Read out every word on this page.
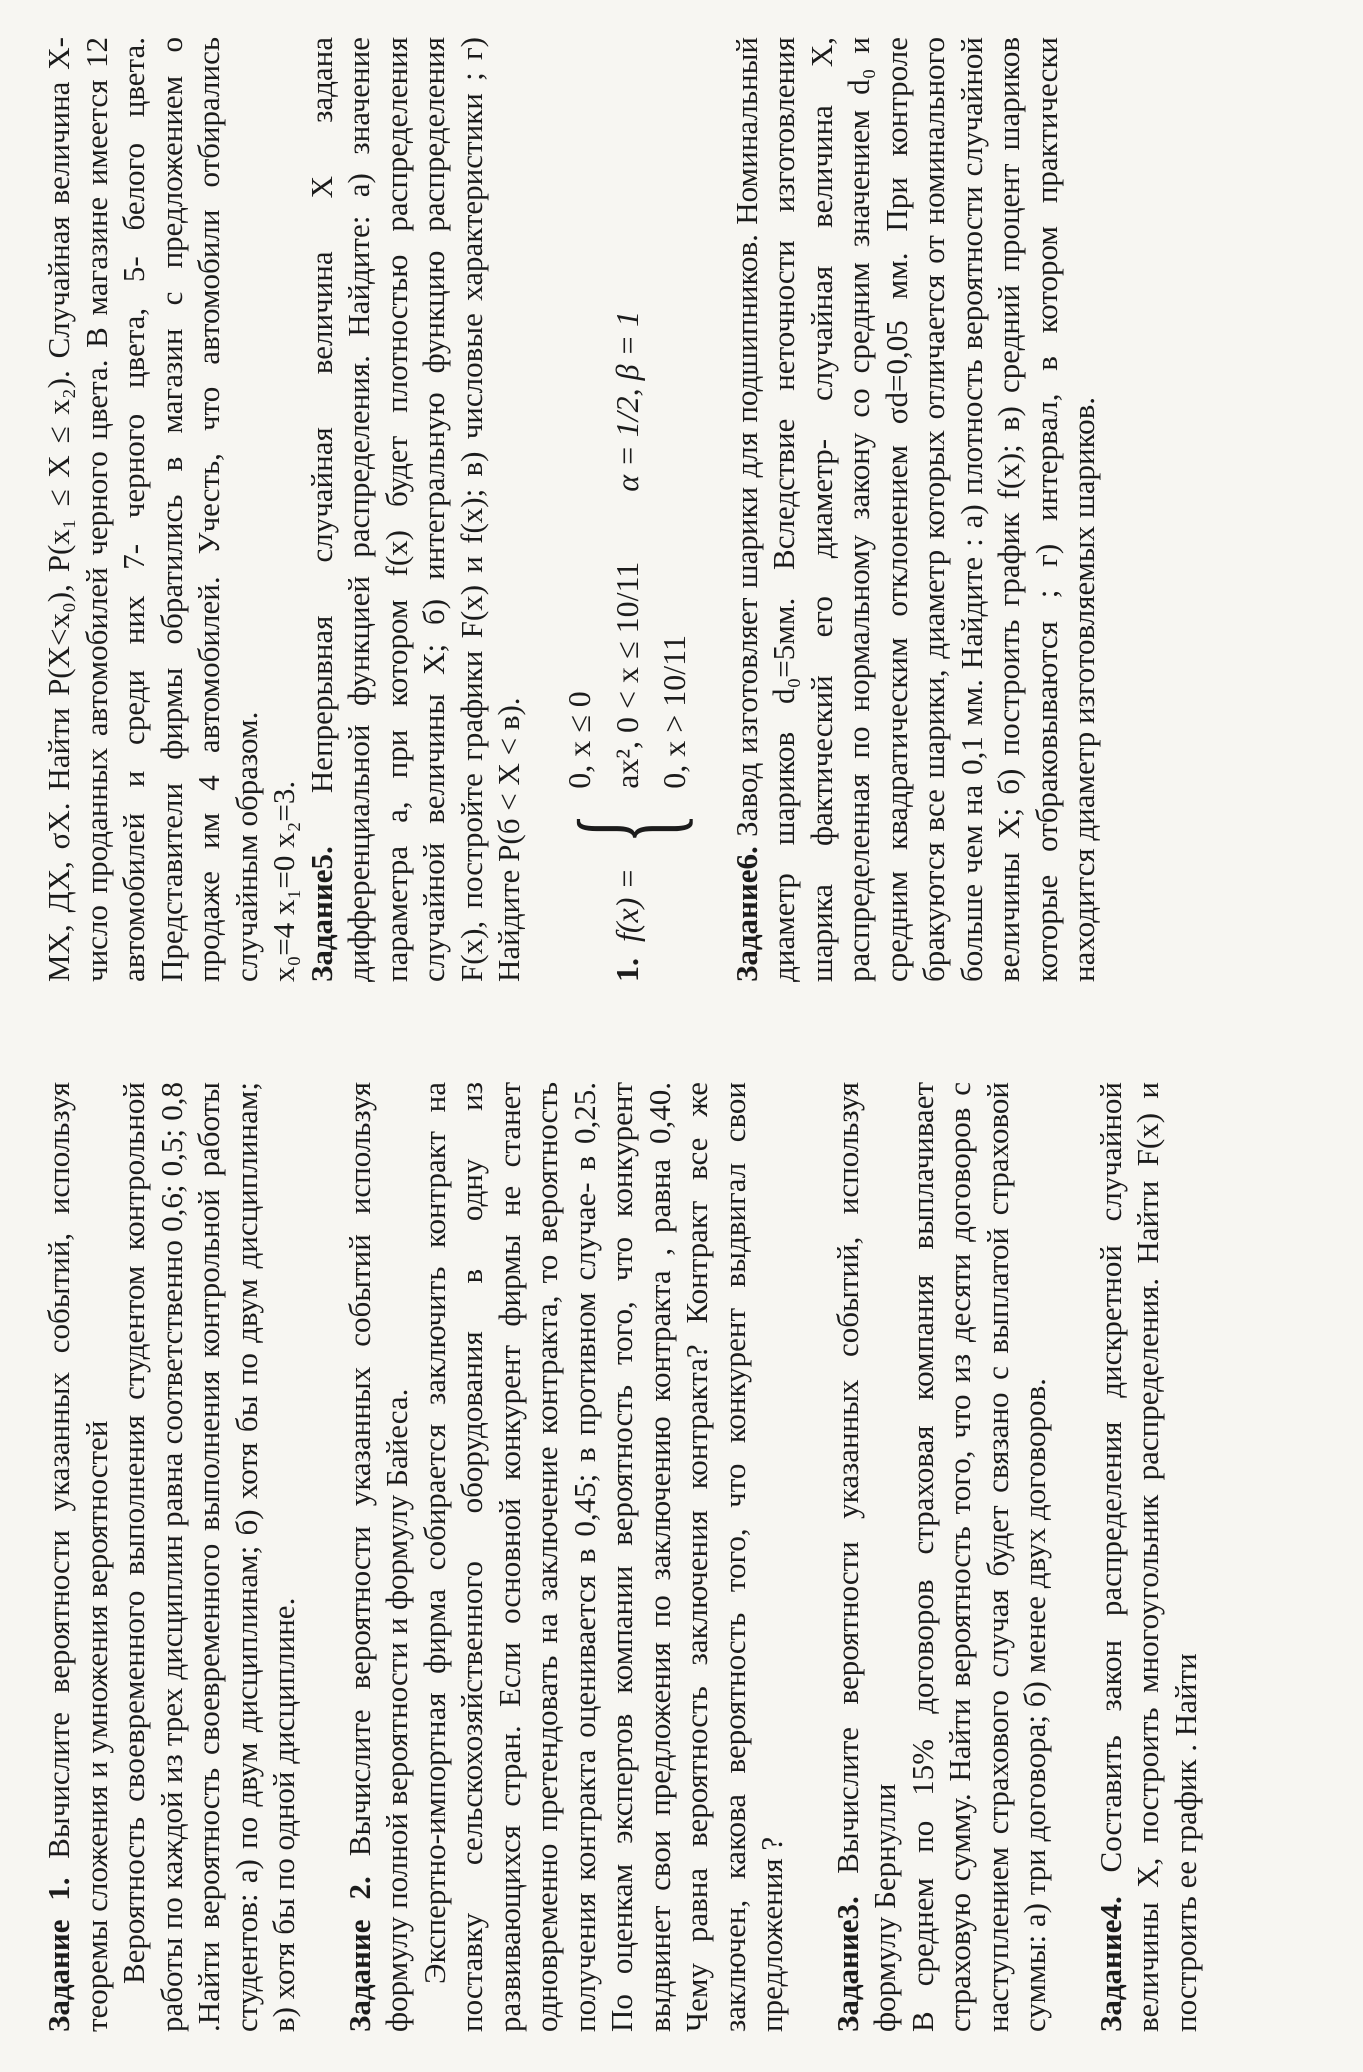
Задание 1. Вычислите вероятности указанных событий, используя теоремы сложения и умножения вероятностей Вероятность своевременного выполнения студентом контрольной работы по каждой из трех дисциплин равна соответственно 0,6; 0,5; 0,8 .Найти вероятность своевременного выполнения контрольной работы студентов: а) по двум дисциплинам; б) хотя бы по двум дисциплинам; в) хотя бы по одной дисциплине. Задание 2. Вычислите вероятности указанных событий используя формулу полной вероятности и формулу Байеса. Экспертно-импортная фирма собирается заключить контракт на поставку сельскохозяйственного оборудования в одну из развивающихся стран. Если основной конкурент фирмы не станет одновременно претендовать на заключение контракта, то вероятность получения контракта оценивается в 0,45; в противном случае- в 0,25. По оценкам экспертов компании вероятность того, что конкурент выдвинет свои предложения по заключению контракта , равна 0,40. Чему равна вероятность заключения контракта? Контракт все же заключен, какова вероятность того, что конкурент выдвигал свои предложения ? Задание3. Вычислите вероятности указанных событий, используя формулу Бернулли В среднем по 15% договоров страховая компания выплачивает страховую сумму. Найти вероятность того, что из десяти договоров с наступлением страхового случая будет связано с выплатой страховой суммы: а) три договора; б) менее двух договоров. Задание4. Составить закон распределения дискретной случайной величины X, построить многоугольник распределения. Найти F(x) и построить ее график . Найти

MX, ДX, σX. Найти P(X<x₀), P(x₁ ≤ X ≤ x₂). Случайная величина X- число проданных автомобилей черного цвета. В магазине имеется 12 автомобилей и среди них 7- черного цвета, 5- белого цвета. Представители фирмы обратились в магазин с предложением о продаже им 4 автомобилей. Учесть, что автомобили отбирались случайным образом. x₀=4 x₁=0 x₂=3. Задание5. Непрерывная случайная величина X задана дифференциальной функцией распределения. Найдите: а) значение параметра a, при котором f(x) будет плотностью распределения случайной величины X; б) интегральную функцию распределения F(x), постройте графики F(x) и f(x); в) числовые характеристики ; г) Найдите P(б < X < в).	1.
f(x) =
{
0, x ≤ 0 ax², 0 < x ≤ 10/11 0, x > 10/11
α = 1/2, β = 1

Задание6. Завод изготовляет шарики для подшипников. Номинальный диаметр шариков d₀=5мм. Вследствие неточности изготовления шарика фактический его диаметр- случайная величина X, распределенная по нормальному закону со средним значением d₀ и средним квадратическим отклонением σd=0,05 мм. При контроле бракуются все шарики, диаметр которых отличается от номинального больше чем на 0,1 мм. Найдите : а) плотность вероятности случайной величины X; б) построить график f(x); в) средний процент шариков которые отбраковываются ; г) интервал, в котором практически находится диаметр изготовляемых шариков.
